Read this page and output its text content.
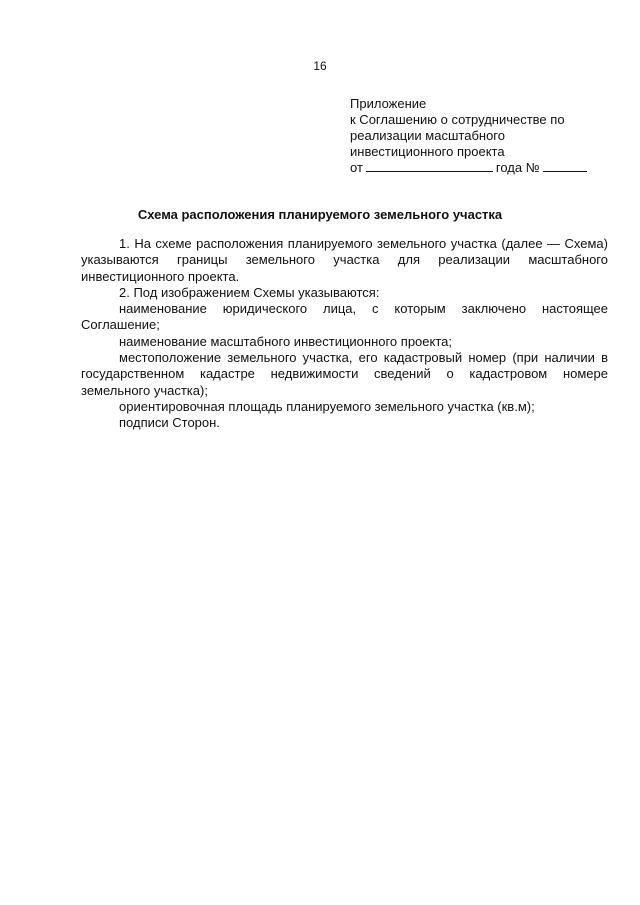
16
Приложение
к Соглашению о сотрудничестве по
реализации масштабного
инвестиционного проекта
от	года №
Схема расположения планируемого земельного участка

1. На схеме расположения планируемого земельного участка (далее — Схема) указываются границы земельного участка для реализации масштабного инвестиционного проекта.

2. Под изображением Схемы указываются:

наименование юридического лица, с которым заключено настоящее Соглашение;

наименование масштабного инвестиционного проекта;

местоположение земельного участка, его кадастровый номер (при наличии в государственном кадастре недвижимости сведений о кадастровом номере земельного участка);

ориентировочная площадь планируемого земельного участка (кв.м);

подписи Сторон.
